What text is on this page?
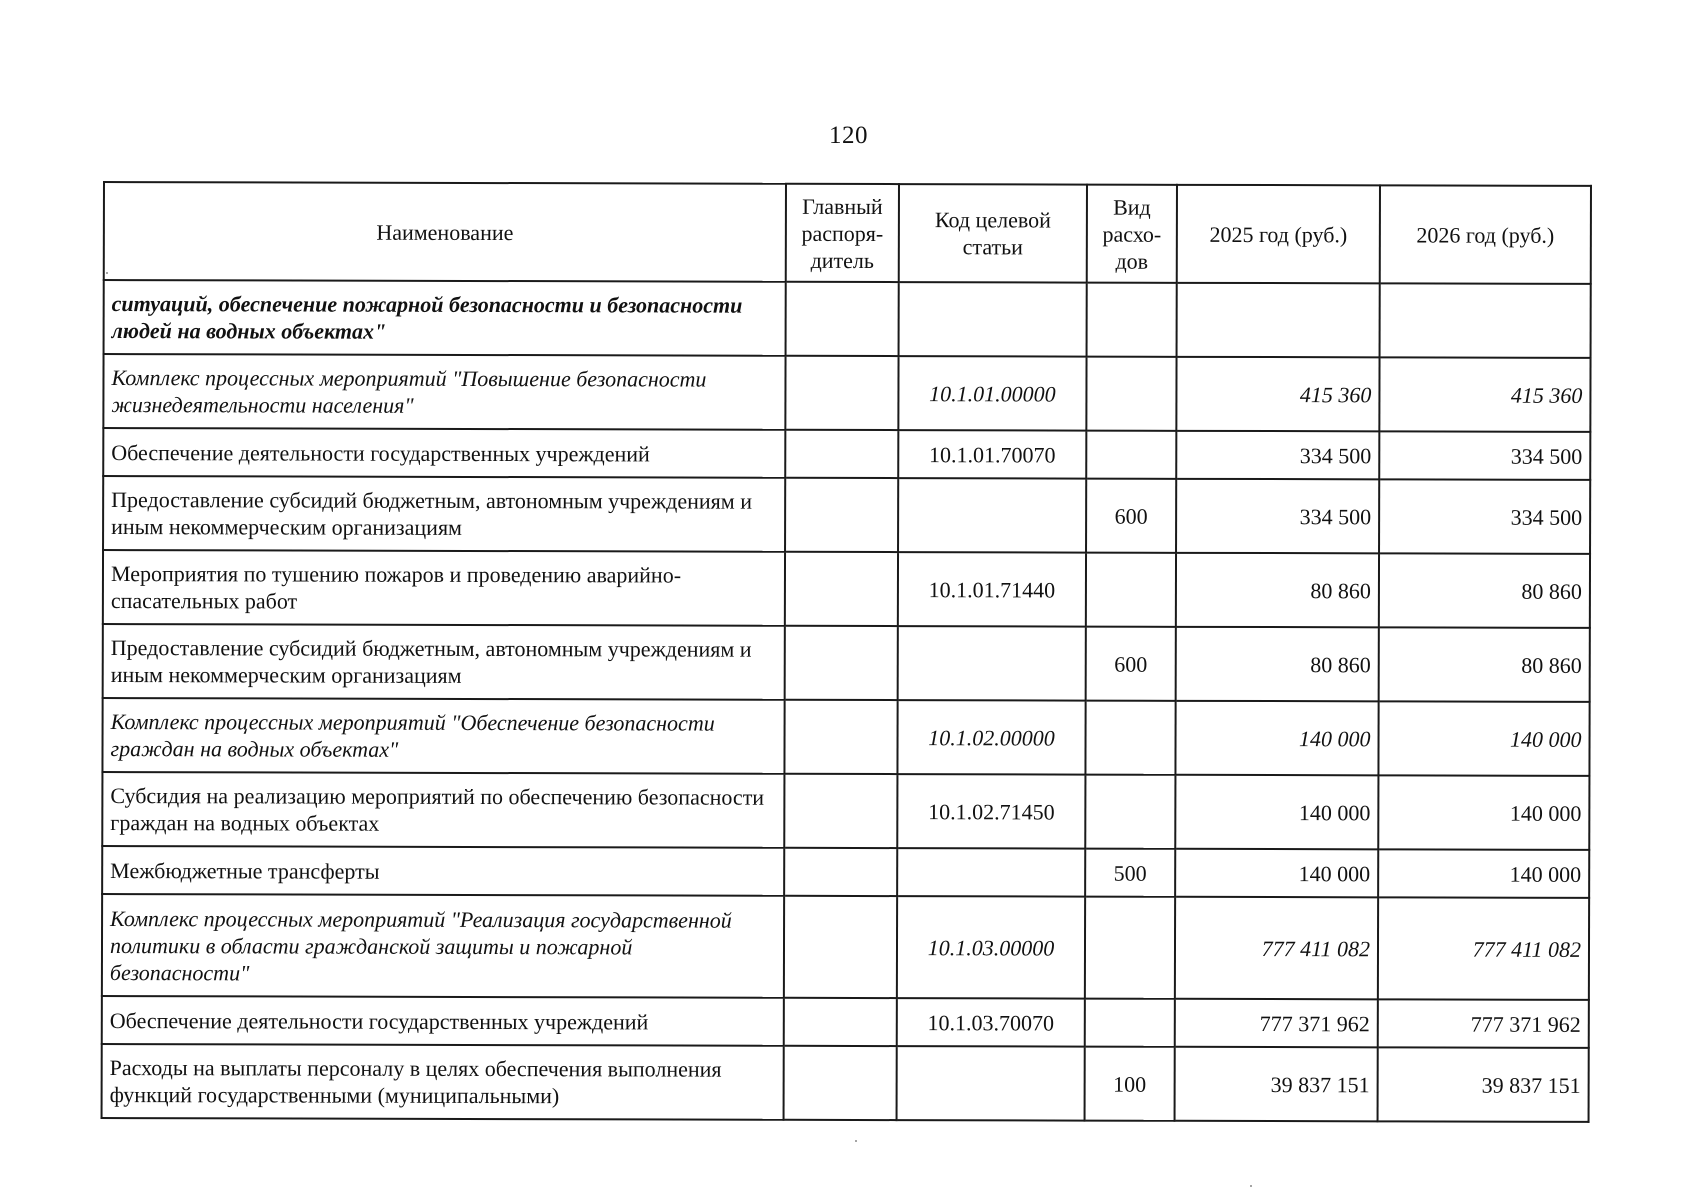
120
Наименование	Главный распоря-дитель	Код целевой статьи	Вид расхо-дов	2025 год (руб.)	2026 год (руб.)
ситуаций, обеспечение пожарной безопасности и безопасности людей на водных объектах"					
Комплекс процессных мероприятий "Повышение безопасности жизнедеятельности населения"		10.1.01.00000		415 360	415 360
Обеспечение деятельности государственных учреждений		10.1.01.70070		334 500	334 500
Предоставление субсидий бюджетным, автономным учреждениям и иным некоммерческим организациям			600	334 500	334 500
Мероприятия по тушению пожаров и проведению аварийно-спасательных работ		10.1.01.71440		80 860	80 860
Предоставление субсидий бюджетным, автономным учреждениям и иным некоммерческим организациям			600	80 860	80 860
Комплекс процессных мероприятий "Обеспечение безопасности граждан на водных объектах"		10.1.02.00000		140 000	140 000
Субсидия на реализацию мероприятий по обеспечению безопасности граждан на водных объектах		10.1.02.71450		140 000	140 000
Межбюджетные трансферты			500	140 000	140 000
Комплекс процессных мероприятий "Реализация государственной политики в области гражданской защиты и пожарной безопасности"		10.1.03.00000		777 411 082	777 411 082
Обеспечение деятельности государственных учреждений		10.1.03.70070		777 371 962	777 371 962
Расходы на выплаты персоналу в целях обеспечения выполнения функций государственными (муниципальными)			100	39 837 151	39 837 151
